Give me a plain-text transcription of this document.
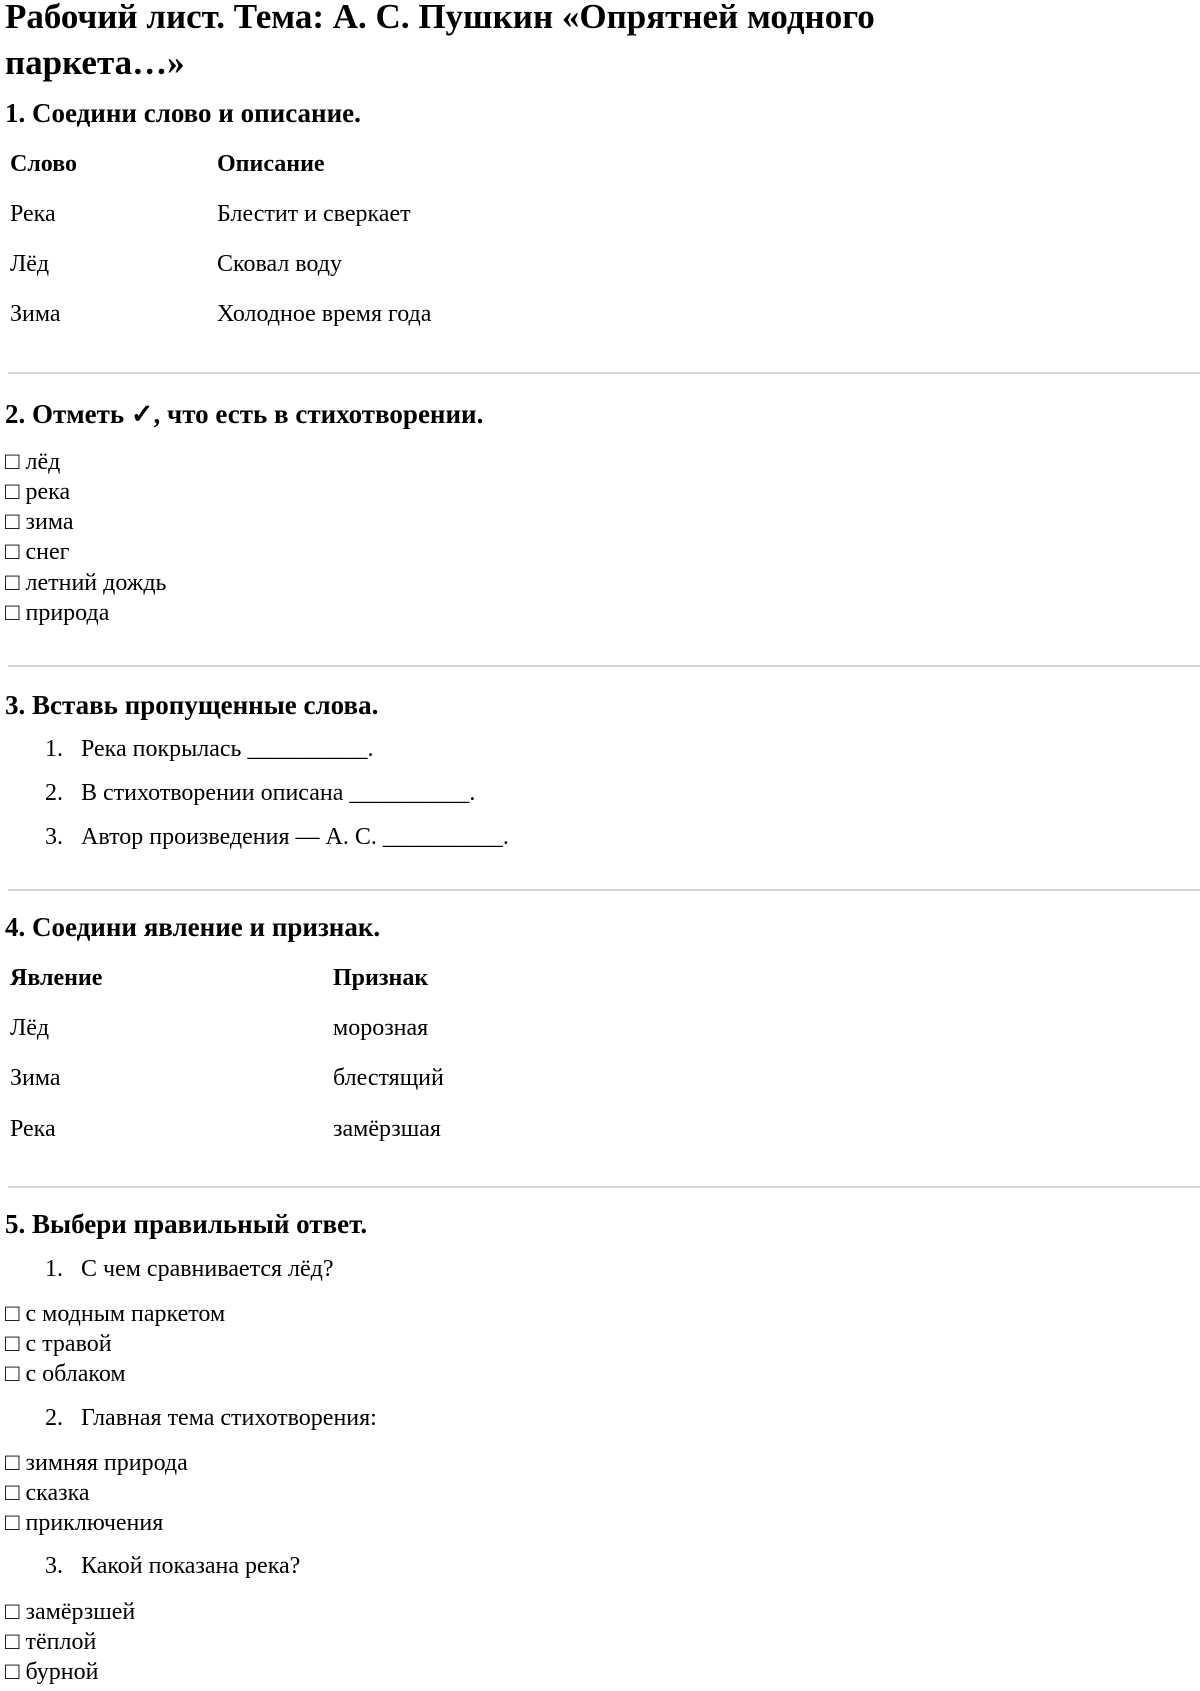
Рабочий лист. Тема: А. С. Пушкин «Опрятней модного
паркета…»
1. Соедини слово и описание.
Слово	Описание
Река	Блестит и сверкает
Лёд	Сковал воду
Зима	Холодное время года
2. Отметь ✓, что есть в стихотворении.
□ лёд
□ река
□ зима
□ снег
□ летний дождь
□ природа
3. Вставь пропущенные слова.
1. Река покрылась __________.
2. В стихотворении описана __________.
3. Автор произведения — А. С. __________.
4. Соедини явление и признак.
Явление	Признак
Лёд	морозная
Зима	блестящий
Река	замёрзшая
5. Выбери правильный ответ.
1. С чем сравнивается лёд?
□ с модным паркетом
□ с травой
□ с облаком
2. Главная тема стихотворения:
□ зимняя природа
□ сказка
□ приключения
3. Какой показана река?
□ замёрзшей
□ тёплой
□ бурной
